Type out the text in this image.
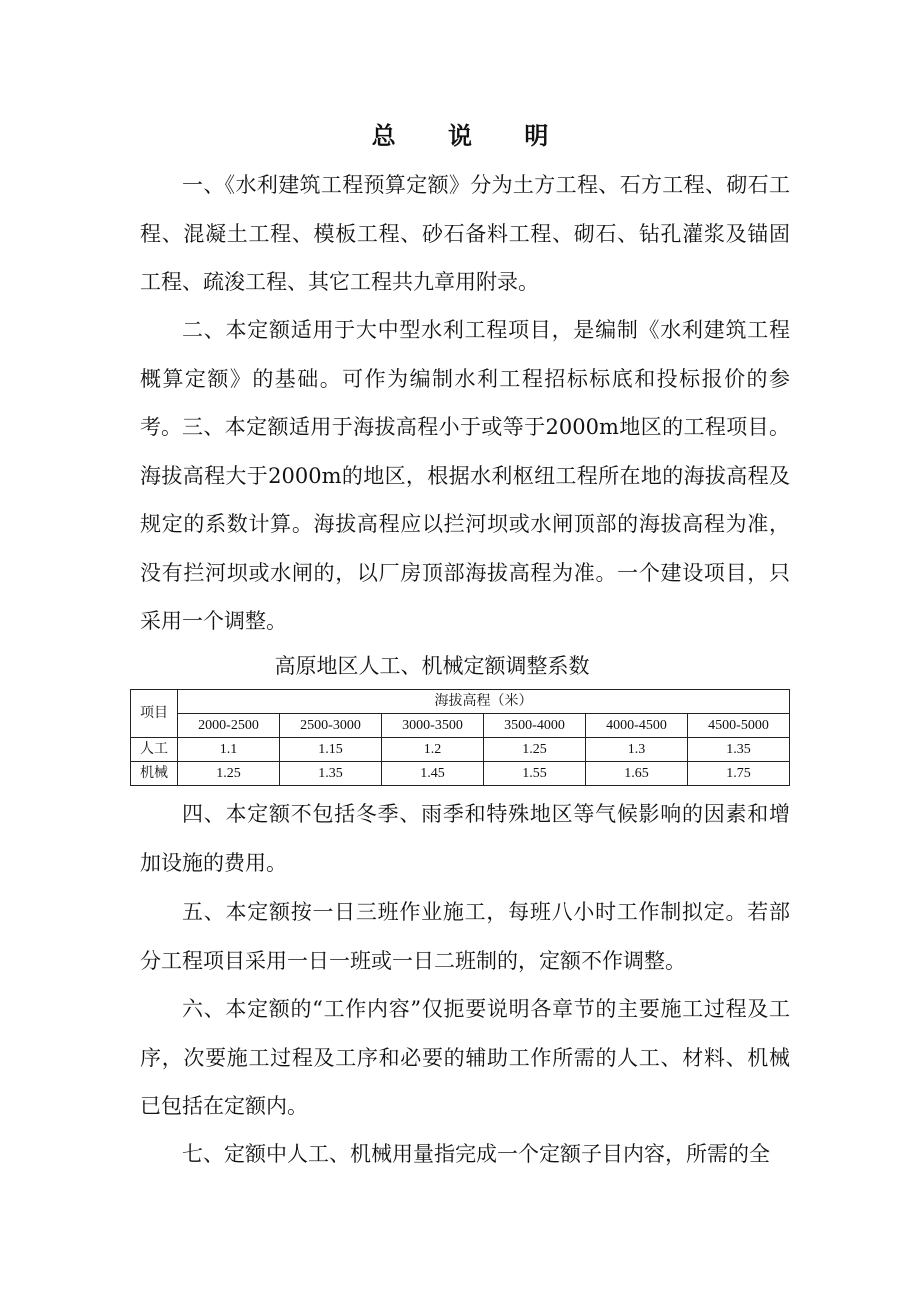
总 说 明

一、《水利建筑工程预算定额》分为土方工程、石方工程、砌石工程、混凝土工程、模板工程、砂石备料工程、砌石、钻孔灌浆及锚固工程、疏浚工程、其它工程共九章用附录。

二、本定额适用于大中型水利工程项目，是编制《水利建筑工程概算定额》的基础。可作为编制水利工程招标标底和投标报价的参考。 三、本定额适用于海拔高程小于或等于2000m地区的工程项目。海拔高程大于2000m的地区，根据水利枢纽工程所在地的海拔高程及规定的系数计算。海拔高程应以拦河坝或水闸顶部的海拔高程为准，没有拦河坝或水闸的，以厂房顶部海拔高程为准。一个建设项目，只采用一个调整。

高原地区人工、机械定额调整系数
项目	海拔高程（米）					
	2000-2500	2500-3000	3000-3500	3500-4000	4000-4500	4500-5000
人工	1.1	1.15	1.2	1.25	1.3	1.35
机械	1.25	1.35	1.45	1.55	1.65	1.75

四、本定额不包括冬季、雨季和特殊地区等气候影响的因素和增加设施的费用。

五、本定额按一日三班作业施工，每班八小时工作制拟定。若部分工程项目采用一日一班或一日二班制的，定额不作调整。

六、本定额的“工作内容”仅扼要说明各章节的主要施工过程及工序，次要施工过程及工序和必要的辅助工作所需的人工、材料、机械已包括在定额内。

七、定额中人工、机械用量指完成一个定额子目内容，所需的全
